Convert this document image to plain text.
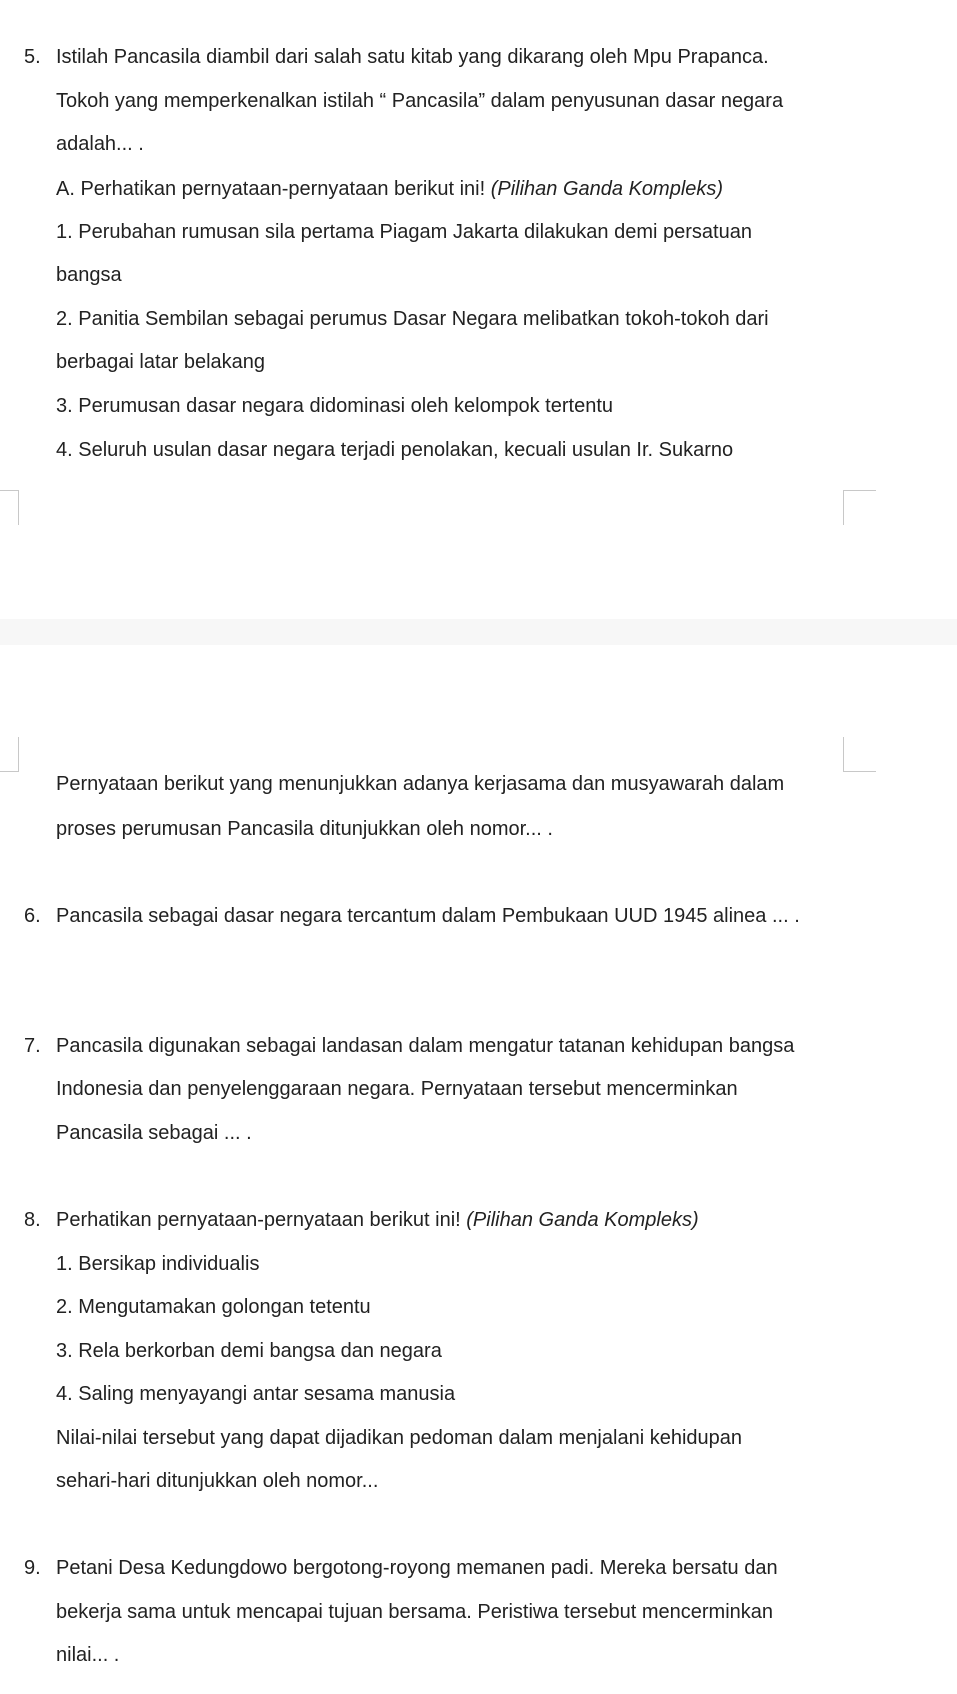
5. Istilah Pancasila diambil dari salah satu kitab yang dikarang oleh Mpu Prapanca.
Tokoh yang memperkenalkan istilah “ Pancasila” dalam penyusunan dasar negara
adalah... .
A. Perhatikan pernyataan-pernyataan berikut ini! (Pilihan Ganda Kompleks)
1. Perubahan rumusan sila pertama Piagam Jakarta dilakukan demi persatuan
bangsa
2. Panitia Sembilan sebagai perumus Dasar Negara melibatkan tokoh-tokoh dari
berbagai latar belakang
3. Perumusan dasar negara didominasi oleh kelompok tertentu
4. Seluruh usulan dasar negara terjadi penolakan, kecuali usulan Ir. Sukarno
Pernyataan berikut yang menunjukkan adanya kerjasama dan musyawarah dalam
proses perumusan Pancasila ditunjukkan oleh nomor... .
6. Pancasila sebagai dasar negara tercantum dalam Pembukaan UUD 1945 alinea ... .
7. Pancasila digunakan sebagai landasan dalam mengatur tatanan kehidupan bangsa
Indonesia dan penyelenggaraan negara. Pernyataan tersebut mencerminkan
Pancasila sebagai ... .
8. Perhatikan pernyataan-pernyataan berikut ini! (Pilihan Ganda Kompleks)
1. Bersikap individualis
2. Mengutamakan golongan tetentu
3. Rela berkorban demi bangsa dan negara
4. Saling menyayangi antar sesama manusia
Nilai-nilai tersebut yang dapat dijadikan pedoman dalam menjalani kehidupan
sehari-hari ditunjukkan oleh nomor...
9. Petani Desa Kedungdowo bergotong-royong memanen padi. Mereka bersatu dan
bekerja sama untuk mencapai tujuan bersama. Peristiwa tersebut mencerminkan
nilai... .
